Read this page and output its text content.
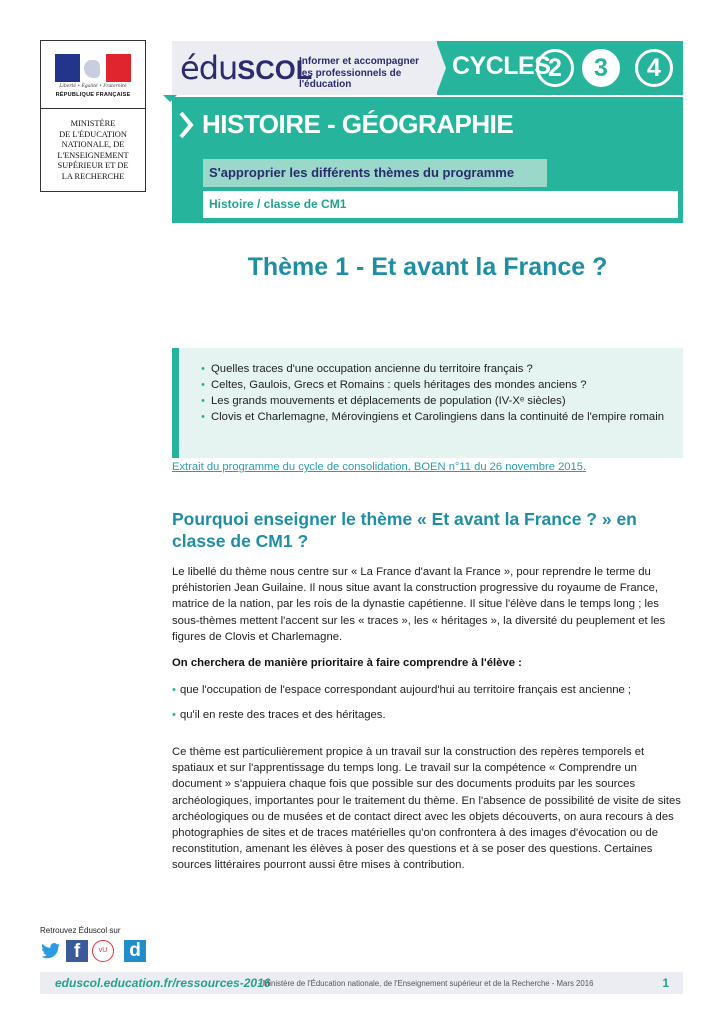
Liberté • Égalité • Fraternité
RÉPUBLIQUE FRANÇAISE
MINISTÈRE
DE L'ÉDUCATION
NATIONALE, DE
L'ENSEIGNEMENT
SUPÉRIEUR ET DE
LA RECHERCHE
éduSCOL
Informer et accompagner
les professionnels de l'éducation
CYCLES
2	3	4
HISTOIRE - GÉOGRAPHIE
S'approprier les différents thèmes du programme
Histoire / classe de CM1
Thème 1 - Et avant la France ?
• Quelles traces d'une occupation ancienne du territoire français ?
• Celtes, Gaulois, Grecs et Romains : quels héritages des mondes anciens ?
• Les grands mouvements et déplacements de population (IV-Xᵉ siècles)
• Clovis et Charlemagne, Mérovingiens et Carolingiens dans la continuité de l'empire romain
Extrait du programme du cycle de consolidation, BOEN n°11 du 26 novembre 2015.
Pourquoi enseigner le thème « Et avant la France ? » en classe de CM1 ?
Le libellé du thème nous centre sur « La France d'avant la France », pour reprendre le terme du préhistorien Jean Guilaine. Il nous situe avant la construction progressive du royaume de France, matrice de la nation, par les rois de la dynastie capétienne. Il situe l'élève dans le temps long ; les sous-thèmes mettent l'accent sur les « traces », les « héritages », la diversité du peuplement et les figures de Clovis et Charlemagne.
On cherchera de manière prioritaire à faire comprendre à l'élève :
• que l'occupation de l'espace correspondant aujourd'hui au territoire français est ancienne ;
• qu'il en reste des traces et des héritages.
Ce thème est particulièrement propice à un travail sur la construction des repères temporels et spatiaux et sur l'apprentissage du temps long. Le travail sur la compétence « Comprendre un document » s'appuiera chaque fois que possible sur des documents produits par les sources archéologiques, importantes pour le traitement du thème. En l'absence de possibilité de visite de sites archéologiques ou de musées et de contact direct avec les objets découverts, on aura recours à des photographies de sites et de traces matérielles qu'on confrontera à des images d'évocation ou de reconstitution, amenant les élèves à poser des questions et à se poser des questions. Certaines sources littéraires pourront aussi être mises à contribution.
Retrouvez Éduscol sur
f	vU	d
eduscol.education.fr/ressources-2016
- Ministère de l'Éducation nationale, de l'Enseignement supérieur et de la Recherche - Mars 2016	1
